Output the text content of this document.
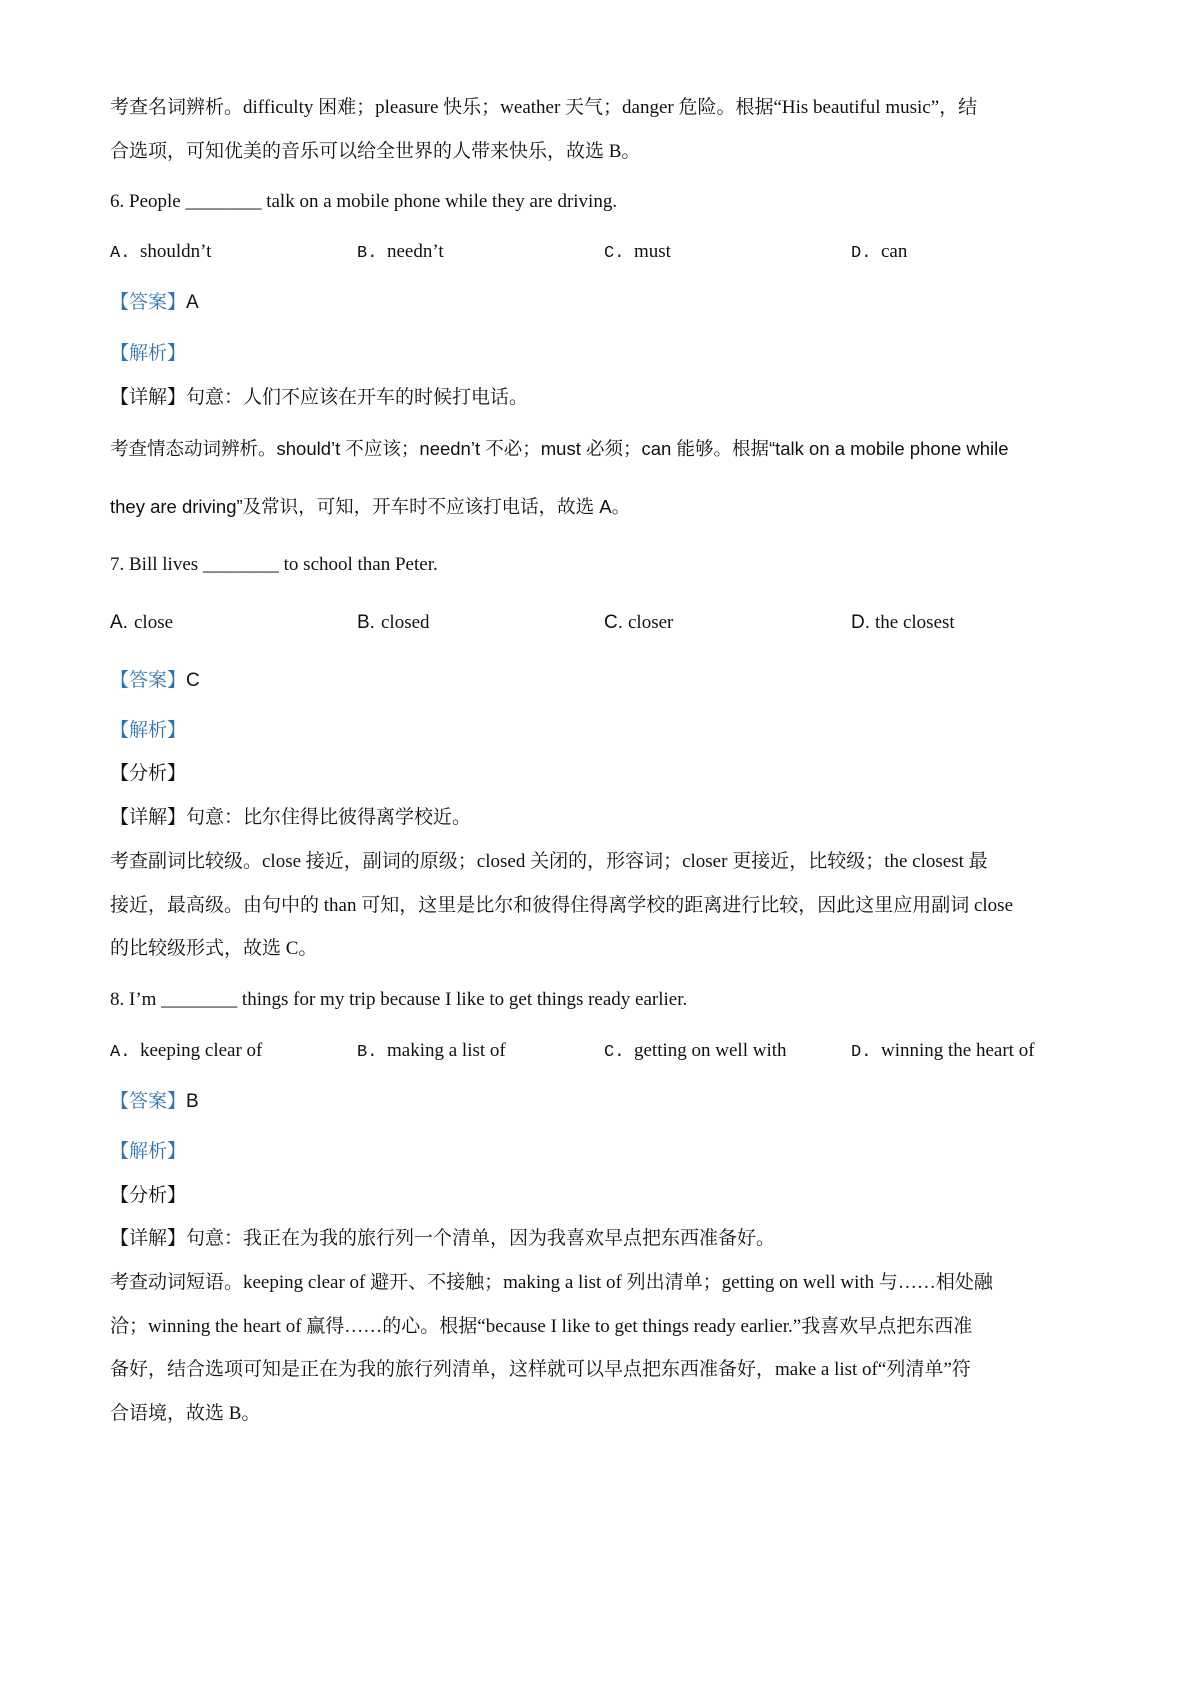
考查名词辨析。difficulty 困难；pleasure 快乐；weather 天气；danger 危险。根据“His beautiful music”，结
合选项，可知优美的音乐可以给全世界的人带来快乐，故选 B。
6. People ________ talk on a mobile phone while they are driving.
A. shouldn’t	B. needn’t	C. must	D. can
【答案】A
【解析】
【详解】句意：人们不应该在开车的时候打电话。
考查情态动词辨析。should’t 不应该；needn’t 不必；must 必须；can 能够。根据“talk on a mobile phone while
they are driving”及常识，可知，开车时不应该打电话，故选 A。
7. Bill lives ________ to school than Peter.
A. close	B. closed	C. closer	D. the closest
【答案】C
【解析】
【分析】
【详解】句意：比尔住得比彼得离学校近。
考查副词比较级。close 接近，副词的原级；closed 关闭的，形容词；closer 更接近，比较级；the closest 最
接近，最高级。由句中的 than 可知，这里是比尔和彼得住得离学校的距离进行比较，因此这里应用副词 close
的比较级形式，故选 C。
8. I’m ________ things for my trip because I like to get things ready earlier.
A. keeping clear of	B. making a list of	C. getting on well with	D. winning the heart of
【答案】B
【解析】
【分析】
【详解】句意：我正在为我的旅行列一个清单，因为我喜欢早点把东西准备好。
考查动词短语。keeping clear of 避开、不接触；making a list of 列出清单；getting on well with 与……相处融
洽；winning the heart of 赢得……的心。根据“because I like to get things ready earlier.”我喜欢早点把东西准
备好，结合选项可知是正在为我的旅行列清单，这样就可以早点把东西准备好，make a list of“列清单”符
合语境，故选 B。
